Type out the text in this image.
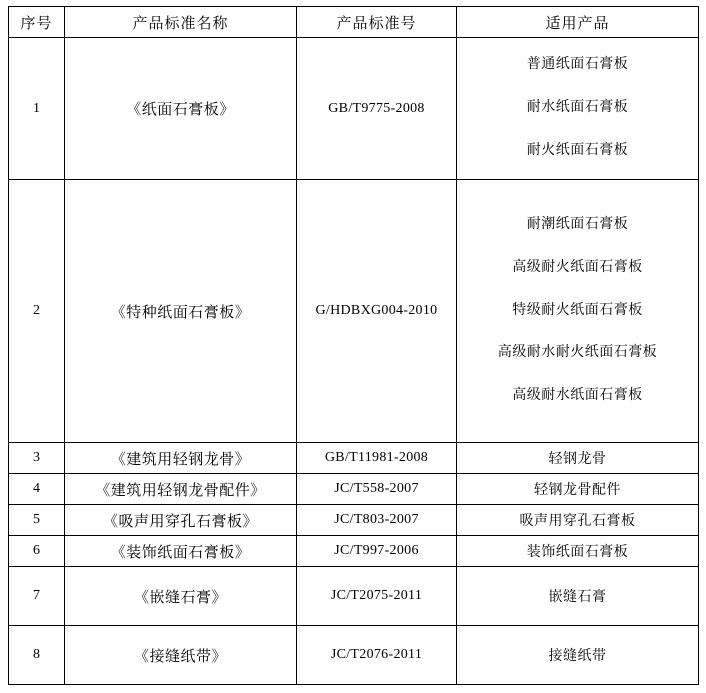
序号	产品标准名称	产品标准号	适用产品
1	《纸面石膏板》	GB/T9775-2008	普通纸面石膏板
耐水纸面石膏板
耐火纸面石膏板

2	《特种纸面石膏板》	G/HDBXG004-2010	耐潮纸面石膏板
高级耐火纸面石膏板
特级耐火纸面石膏板
高级耐水耐火纸面石膏板
高级耐水纸面石膏板

3	《建筑用轻钢龙骨》	GB/T11981-2008	轻钢龙骨
4	《建筑用轻钢龙骨配件》	JC/T558-2007	轻钢龙骨配件
5	《吸声用穿孔石膏板》	JC/T803-2007	吸声用穿孔石膏板
6	《装饰纸面石膏板》	JC/T997-2006	装饰纸面石膏板
7	《嵌缝石膏》	JC/T2075-2011	嵌缝石膏
8	《接缝纸带》	JC/T2076-2011	接缝纸带
